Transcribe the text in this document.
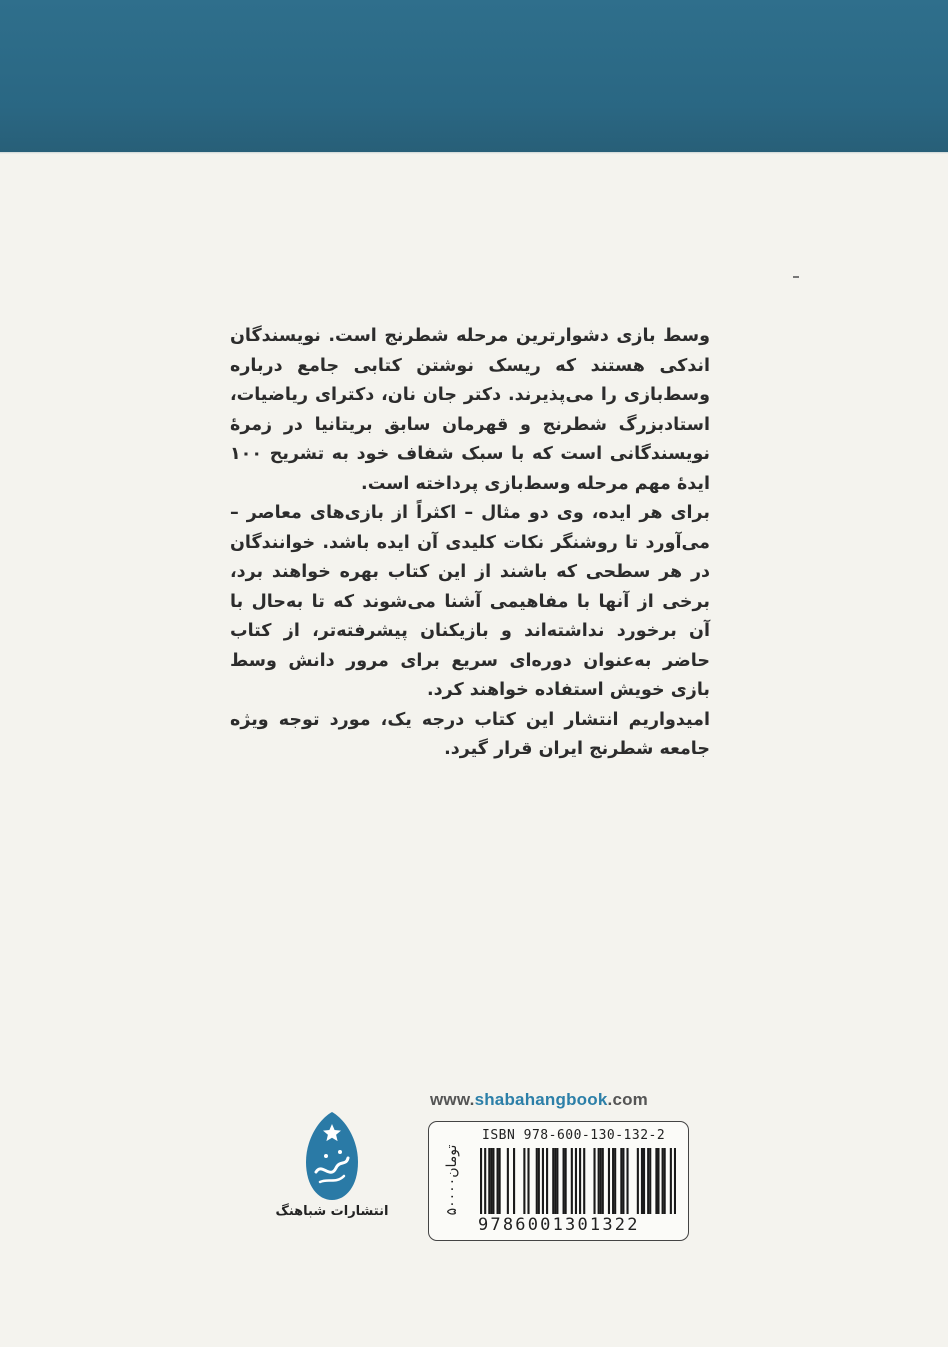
وسط بازی دشوارترین مرحله شطرنج است. نویسندگان اندکی هستند که ریسک نوشتن کتابی جامع درباره وسط‌بازی را می‌پذیرند. دکتر جان نان، دکترای ریاضیات، استادبزرگ شطرنج و قهرمان سابق بریتانیا در زمرهٔ نویسندگانی است که با سبک شفاف خود به تشریح ۱۰۰ ایدهٔ مهم مرحله وسط‌بازی پرداخته است.

برای هر ایده، وی دو مثال – اکثراً از بازی‌های معاصر – می‌آورد تا روشنگر نکات کلیدی آن ایده باشد. خوانندگان در هر سطحی که باشند از این کتاب بهره خواهند برد، برخی از آنها با مفاهیمی آشنا می‌شوند که تا به‌حال با آن برخورد نداشته‌اند و بازیکنان پیشرفته‌تر، از کتاب حاضر به‌عنوان دوره‌ای سریع برای مرور دانش وسط بازی خویش استفاده خواهند کرد.

امیدواریم انتشار این کتاب درجه یک، مورد توجه ویژه جامعه شطرنج ایران قرار گیرد.

www.shabahangbook.com
ISBN 978-600-130-132-2
9786001301322
۵۰۰۰۰تومان
انتشارات شباهنگ
